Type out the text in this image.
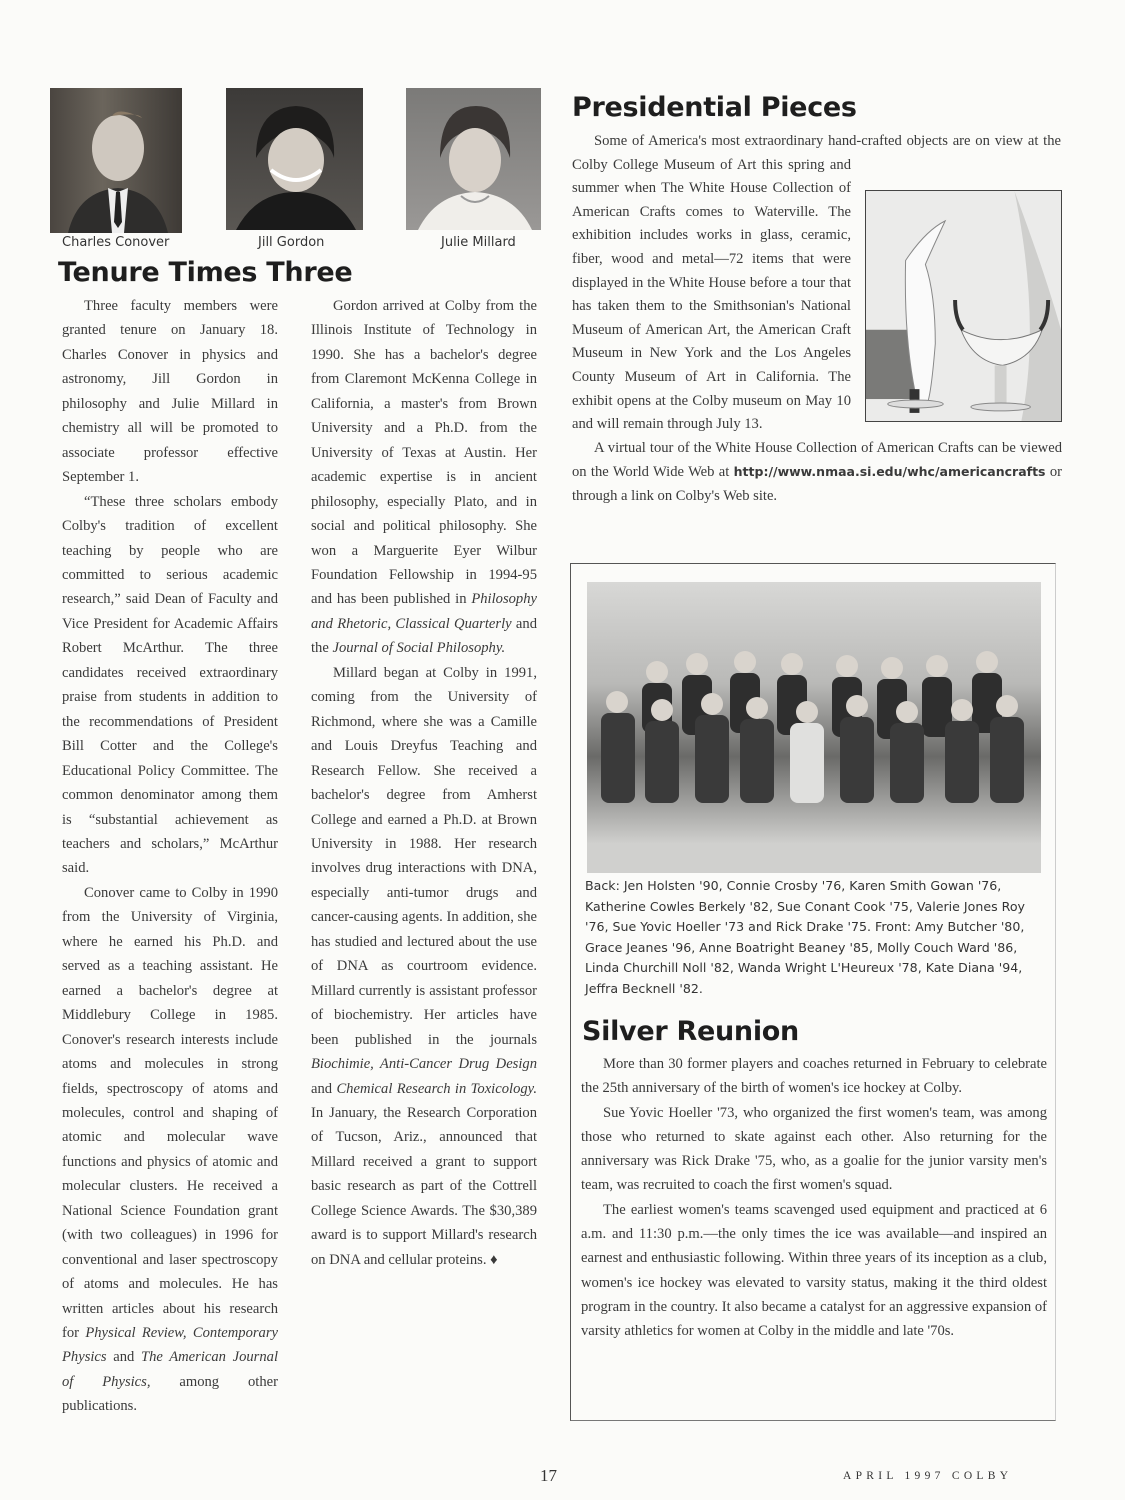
Charles Conover	Jill Gordon	Julie Millard
Tenure Times Three

Three faculty members were granted tenure on January 18. Charles Conover in physics and astronomy, Jill Gordon in philosophy and Julie Millard in chemistry all will be promoted to associate professor effective September 1.

“These three scholars embody Colby's tradition of excellent teaching by people who are committed to serious academic research,” said Dean of Faculty and Vice President for Academic Affairs Robert McArthur. The three candidates received extraordinary praise from students in addition to the recommendations of President Bill Cotter and the College's Educational Policy Committee. The common denominator among them is “substantial achievement as teachers and scholars,” McArthur said.

Conover came to Colby in 1990 from the University of Virginia, where he earned his Ph.D. and served as a teaching assistant. He earned a bachelor's degree at Middlebury College in 1985. Conover's research interests include atoms and molecules in strong fields, spectroscopy of atoms and molecules, control and shaping of atomic and molecular wave functions and physics of atomic and molecular clusters. He received a National Science Foundation grant (with two colleagues) in 1996 for conventional and laser spectroscopy of atoms and molecules. He has written articles about his research for Physical Review, Contemporary Physics and The American Journal of Physics, among other publications.

Gordon arrived at Colby from the Illinois Institute of Technology in 1990. She has a bachelor's degree from Claremont McKenna College in California, a master's from Brown University and a Ph.D. from the University of Texas at Austin. Her academic expertise is in ancient philosophy, especially Plato, and in social and political philosophy. She won a Marguerite Eyer Wilbur Foundation Fellowship in 1994-95 and has been published in Philosophy and Rhetoric, Classical Quarterly and the Journal of Social Philosophy.

Millard began at Colby in 1991, coming from the University of Richmond, where she was a Camille and Louis Dreyfus Teaching and Research Fellow. She received a bachelor's degree from Amherst College and earned a Ph.D. at Brown University in 1988. Her research involves drug interactions with DNA, especially anti-tumor drugs and cancer-causing agents. In addition, she has studied and lectured about the use of DNA as courtroom evidence. Millard currently is assistant professor of biochemistry. Her articles have been published in the journals Biochimie, Anti-Cancer Drug Design and Chemical Research in Toxicology. In January, the Research Corporation of Tucson, Ariz., announced that Millard received a grant to support basic research as part of the Cottrell College Science Awards. The $30,389 award is to support Millard's research on DNA and cellular proteins. ♦

Presidential Pieces

Some of America's most extraordinary hand-crafted objects are on view at the Colby College Museum of Art this spring and summer when The White House Collection of American Crafts comes to Waterville. The exhibition includes works in glass, ceramic, fiber, wood and metal—72 items that were displayed in the White House before a tour that has taken them to the Smithsonian's National Museum of American Art, the American Craft Museum in New York and the Los Angeles County Museum of Art in California. The exhibit opens at the Colby museum on May 10 and will remain through July 13.

A virtual tour of the White House Collection of American Crafts can be viewed on the World Wide Web at http://www.nmaa.si.edu/whc/americancrafts or through a link on Colby's Web site.

Back: Jen Holsten '90, Connie Crosby '76, Karen Smith Gowan '76, Katherine Cowles Berkely '82, Sue Conant Cook '75, Valerie Jones Roy '76, Sue Yovic Hoeller '73 and Rick Drake '75. Front: Amy Butcher '80, Grace Jeanes '96, Anne Boatright Beaney '85, Molly Couch Ward '86, Linda Churchill Noll '82, Wanda Wright L'Heureux '78, Kate Diana '94, Jeffra Becknell '82.
Silver Reunion

More than 30 former players and coaches returned in February to celebrate the 25th anniversary of the birth of women's ice hockey at Colby.

Sue Yovic Hoeller '73, who organized the first women's team, was among those who returned to skate against each other. Also returning for the anniversary was Rick Drake '75, who, as a goalie for the junior varsity men's team, was recruited to coach the first women's squad.

The earliest women's teams scavenged used equipment and practiced at 6 a.m. and 11:30 p.m.—the only times the ice was available—and inspired an earnest and enthusiastic following. Within three years of its inception as a club, women's ice hockey was elevated to varsity status, making it the third oldest program in the country. It also became a catalyst for an aggressive expansion of varsity athletics for women at Colby in the middle and late '70s.

17	APRIL 1997 COLBY
